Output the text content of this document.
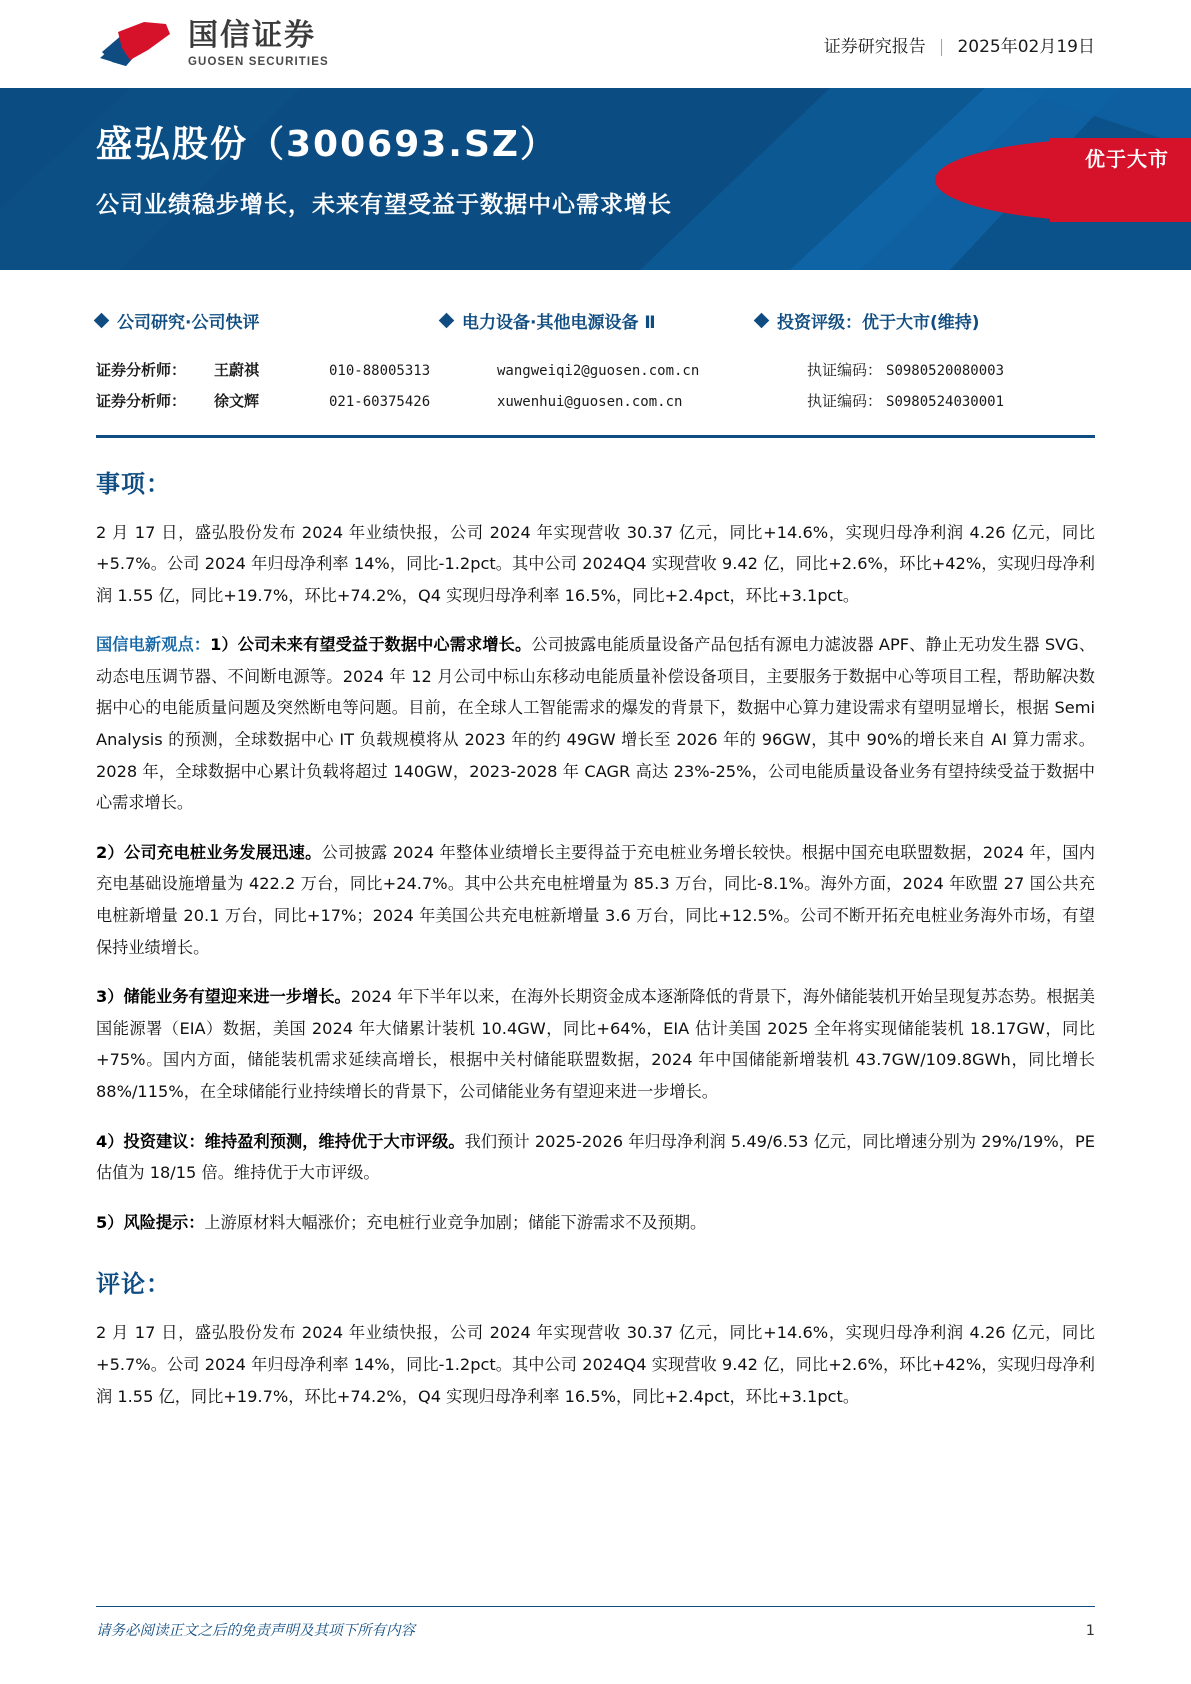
国信证券
GUOSEN SECURITIES
证券研究报告 | 2025年02月19日
盛弘股份（300693.SZ）
公司业绩稳步增长，未来有望受益于数据中心需求增长
优于大市
公司研究·公司快评	电力设备·其他电源设备 Ⅱ	投资评级：优于大市(维持)
证券分析师：	王蔚祺	010-88005313	wangweiqi2@guosen.com.cn	执证编码： S0980520080003
证券分析师：	徐文辉	021-60375426	xuwenhui@guosen.com.cn	执证编码： S0980524030001
事项：

2 月 17 日，盛弘股份发布 2024 年业绩快报，公司 2024 年实现营收 30.37 亿元，同比+14.6%，实现归母净利润 4.26 亿元，同比+5.7%。公司 2024 年归母净利率 14%，同比-1.2pct。其中公司 2024Q4 实现营收 9.42 亿，同比+2.6%，环比+42%，实现归母净利润 1.55 亿，同比+19.7%，环比+74.2%，Q4 实现归母净利率 16.5%，同比+2.4pct，环比+3.1pct。

国信电新观点：1）公司未来有望受益于数据中心需求增长。公司披露电能质量设备产品包括有源电力滤波器 APF、静止无功发生器 SVG、动态电压调节器、不间断电源等。2024 年 12 月公司中标山东移动电能质量补偿设备项目，主要服务于数据中心等项目工程，帮助解决数据中心的电能质量问题及突然断电等问题。目前，在全球人工智能需求的爆发的背景下，数据中心算力建设需求有望明显增长，根据 Semi Analysis 的预测，全球数据中心 IT 负载规模将从 2023 年的约 49GW 增长至 2026 年的 96GW，其中 90%的增长来自 AI 算力需求。2028 年，全球数据中心累计负载将超过 140GW，2023-2028 年 CAGR 高达 23%-25%，公司电能质量设备业务有望持续受益于数据中心需求增长。

2）公司充电桩业务发展迅速。公司披露 2024 年整体业绩增长主要得益于充电桩业务增长较快。根据中国充电联盟数据，2024 年，国内充电基础设施增量为 422.2 万台，同比+24.7%。其中公共充电桩增量为 85.3 万台，同比-8.1%。海外方面，2024 年欧盟 27 国公共充电桩新增量 20.1 万台，同比+17%；2024 年美国公共充电桩新增量 3.6 万台，同比+12.5%。公司不断开拓充电桩业务海外市场，有望保持业绩增长。

3）储能业务有望迎来进一步增长。2024 年下半年以来，在海外长期资金成本逐渐降低的背景下，海外储能装机开始呈现复苏态势。根据美国能源署（EIA）数据，美国 2024 年大储累计装机 10.4GW，同比+64%，EIA 估计美国 2025 全年将实现储能装机 18.17GW，同比+75%。国内方面，储能装机需求延续高增长，根据中关村储能联盟数据，2024 年中国储能新增装机 43.7GW/109.8GWh，同比增长 88%/115%，在全球储能行业持续增长的背景下，公司储能业务有望迎来进一步增长。

4）投资建议：维持盈利预测，维持优于大市评级。我们预计 2025-2026 年归母净利润 5.49/6.53 亿元，同比增速分别为 29%/19%，PE 估值为 18/15 倍。维持优于大市评级。

5）风险提示：上游原材料大幅涨价；充电桩行业竞争加剧；储能下游需求不及预期。

评论：

2 月 17 日，盛弘股份发布 2024 年业绩快报，公司 2024 年实现营收 30.37 亿元，同比+14.6%，实现归母净利润 4.26 亿元，同比+5.7%。公司 2024 年归母净利率 14%，同比-1.2pct。其中公司 2024Q4 实现营收 9.42 亿，同比+2.6%，环比+42%，实现归母净利润 1.55 亿，同比+19.7%，环比+74.2%，Q4 实现归母净利率 16.5%，同比+2.4pct，环比+3.1pct。

请务必阅读正文之后的免责声明及其项下所有内容	1
